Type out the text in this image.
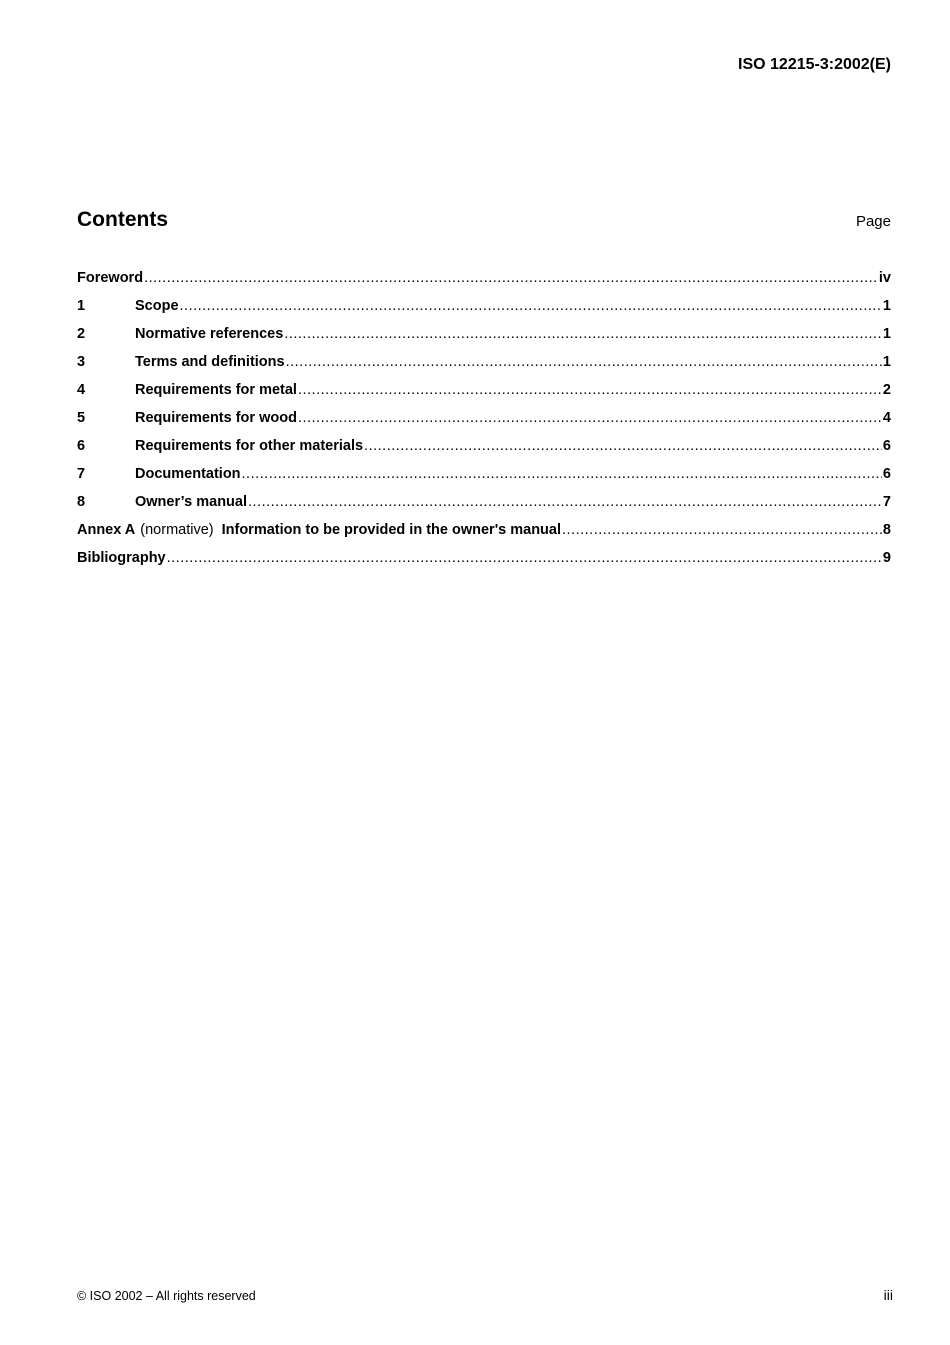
ISO 12215-3:2002(E)
Contents	Page
Foreword .....	iv
1	Scope .....	1
2	Normative references .....	1
3	Terms and definitions .....	1
4	Requirements for metal .....	2
5	Requirements for wood .....	4
6	Requirements for other materials .....	6
7	Documentation .....	6
8	Owner’s manual .....	7
Annex A (normative) Information to be provided in the owner's manual .....	8
Bibliography .....	9
© ISO 2002 – All rights reserved	iii
